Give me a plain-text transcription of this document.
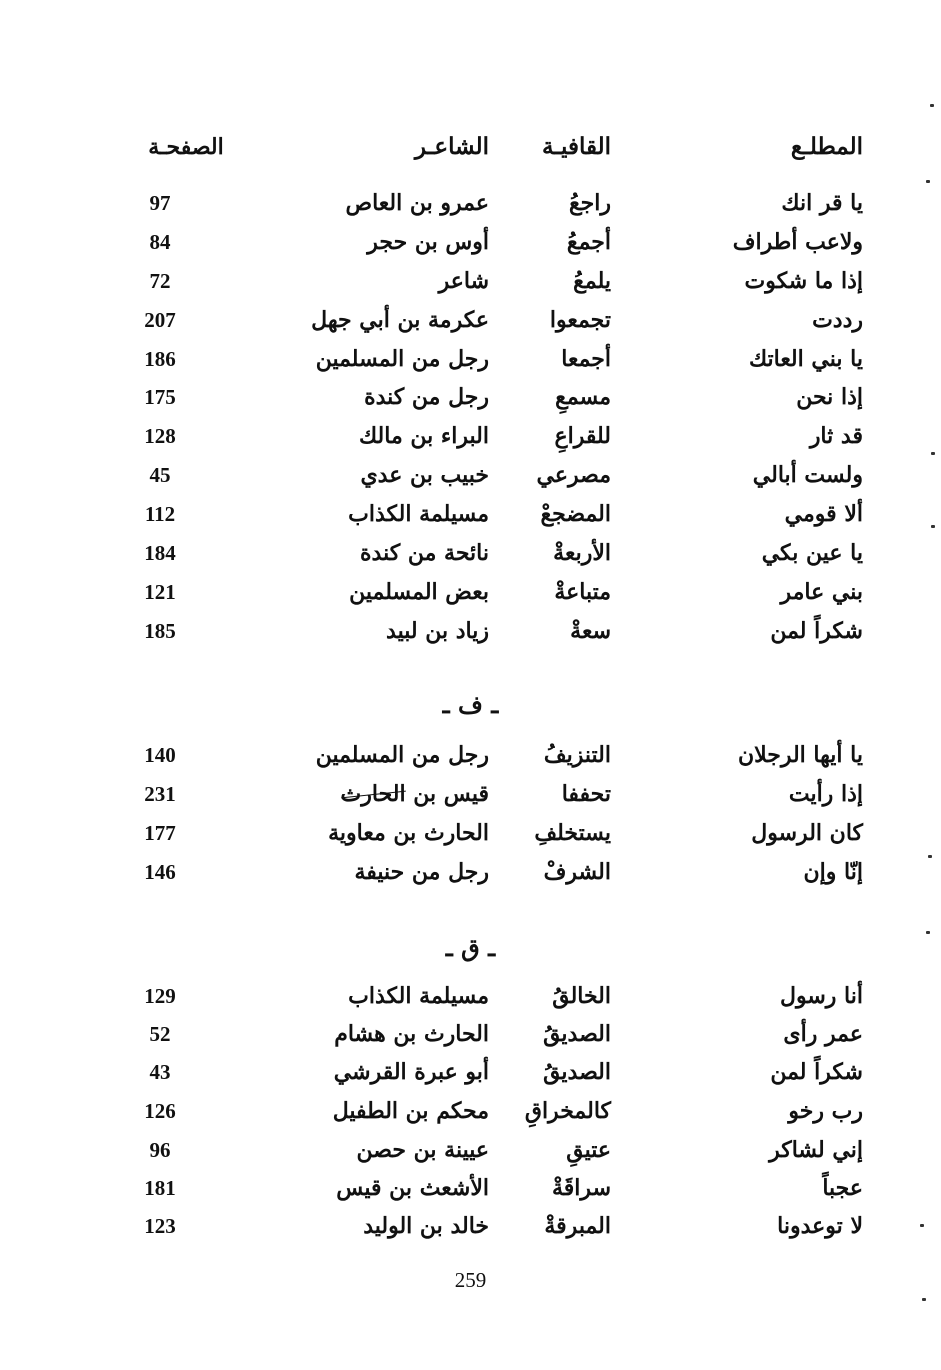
المطلـع
القافيـة
الشاعـر
الصفحـة
يا قر انك
راجعُ
عمرو بن العاص
97
ولاعب أطراف
أجمعُ
أوس بن حجر
84
إذا ما شكوت
يلمعُ
شاعر
72
رددت
تجمعوا
عكرمة بن أبي جهل
207
يا بني العاتك
أجمعا
رجل من المسلمين
186
إذا نحن
مسمعِ
رجل من كندة
175
قد ثار
للقراعِ
البراء بن مالك
128
ولست أبالي
مصرعي
خبيب بن عدي
45
ألا قومي
المضجعْ
مسيلمة الكذاب
112
يا عين بكي
الأربعةْ
نائحة من كندة
184
بني عامر
متباعةْ
بعض المسلمين
121
شكراً لمن
سعةْ
زياد بن لبيد
185
ـ ف ـ
يا أيها الرجلان
التنزيفُ
رجل من المسلمين
140
إذا رأيت
تحففا
قيس بن الحارث
231
كان الرسول
يستخلفِ
الحارث بن معاوية
177
إنّا وإن
الشرفْ
رجل من حنيفة
146
ـ ق ـ
أنا رسول
الخالقُ
مسيلمة الكذاب
129
عمر رأى
الصديقُ
الحارث بن هشام
52
شكراً لمن
الصديقُ
أبو عبرة القرشي
43
رب رخو
كالمخراقِ
محكم بن الطفيل
126
إني لشاكر
عتيقِ
عيينة بن حصن
96
عجباً
سراقَةْ
الأشعث بن قيس
181
لا توعدونا
المبرقةْ
خالد بن الوليد
123
259
